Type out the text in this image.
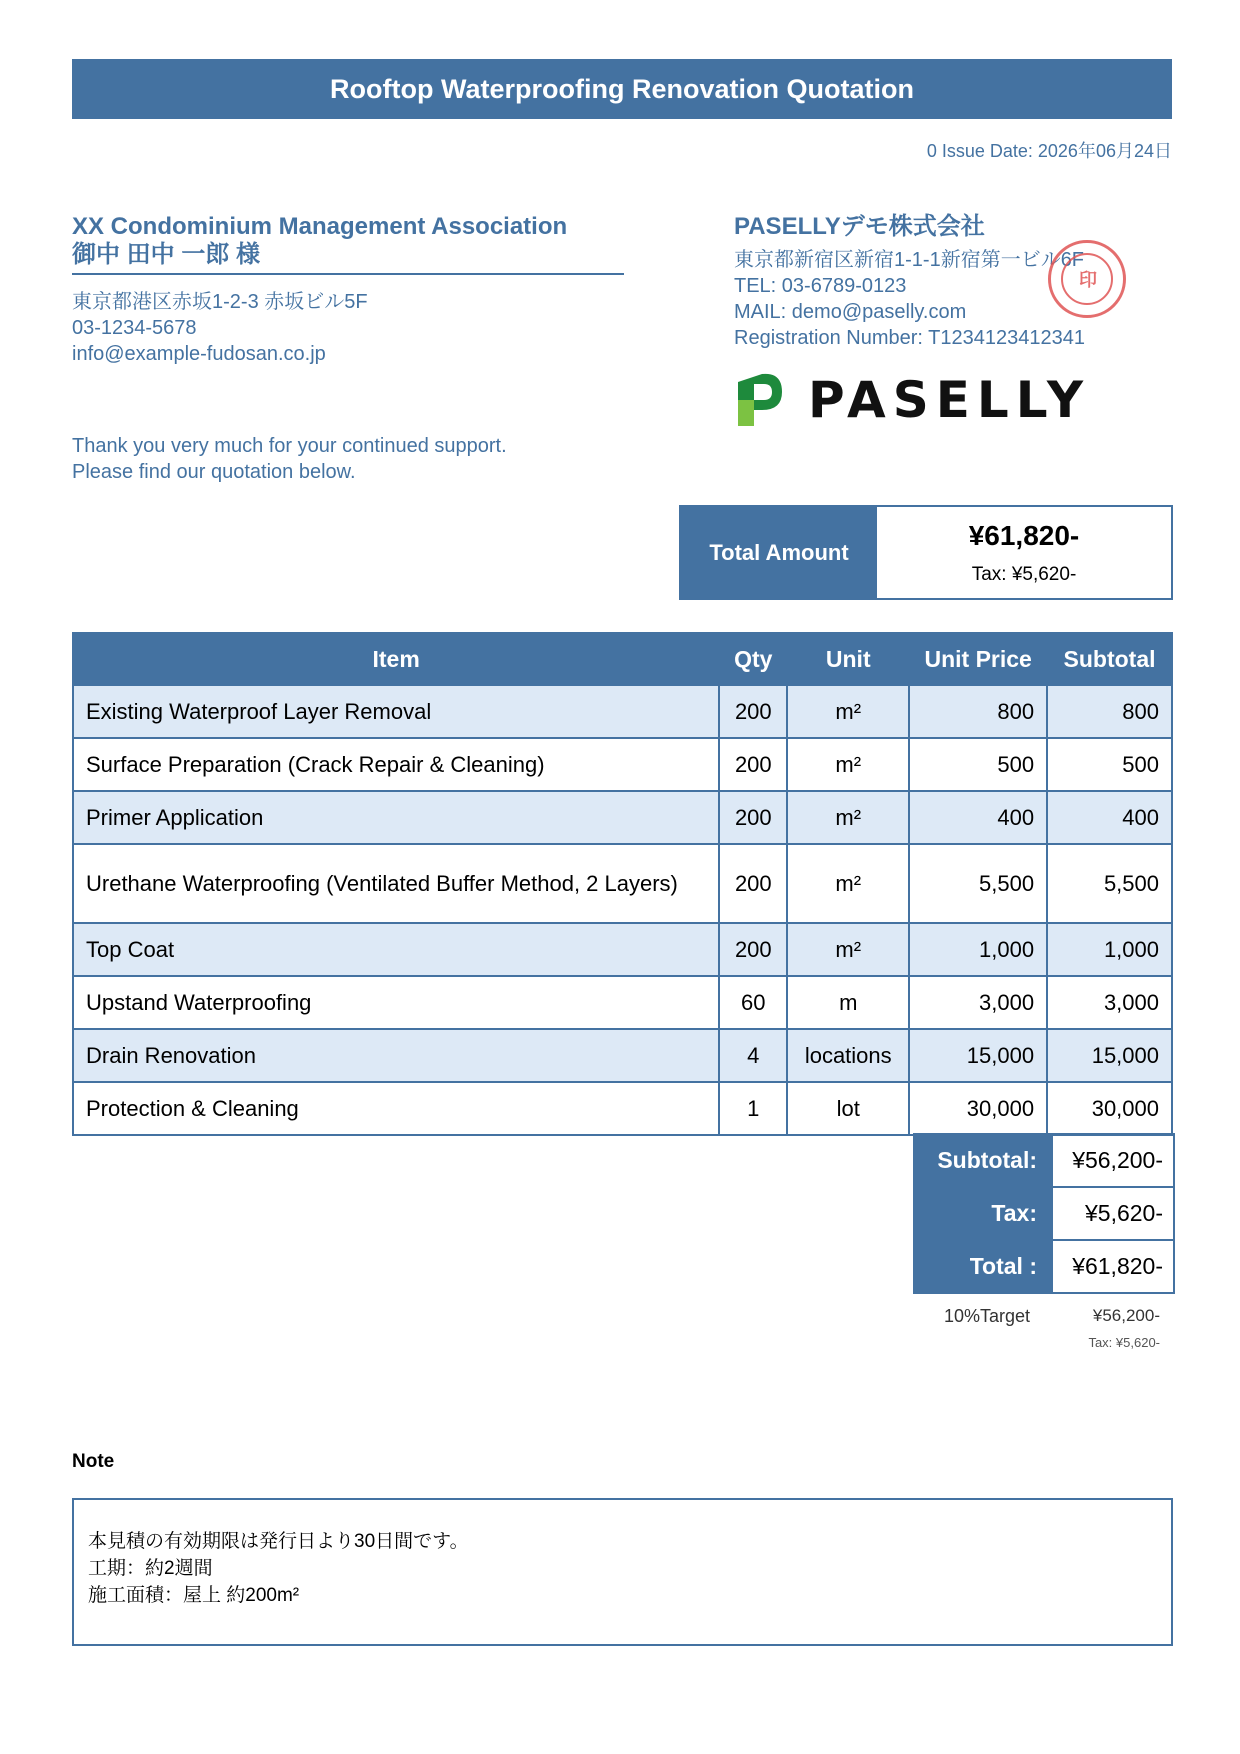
Rooftop Waterproofing Renovation Quotation
0 Issue Date: 2026年06月24日
XX Condominium Management Association
御中 田中 一郎 様
東京都港区赤坂1-2-3 赤坂ビル5F
03-1234-5678
info@example-fudosan.co.jp
Thank you very much for your continued support.
Please find our quotation below.
PASELLYデモ株式会社
東京都新宿区新宿1-1-1新宿第一ビル6F
TEL: 03-6789-0123
MAIL: demo@paselly.com
Registration Number: T1234123412341
印
PASELLY
Total Amount
¥61,820-
Tax: ¥5,620-
Item	Qty	Unit	Unit Price	Subtotal
Existing Waterproof Layer Removal	200	m²	800	800
Surface Preparation (Crack Repair & Cleaning)	200	m²	500	500
Primer Application	200	m²	400	400
Urethane Waterproofing (Ventilated Buffer Method, 2 Layers)	200	m²	5,500	5,500
Top Coat	200	m²	1,000	1,000
Upstand Waterproofing	60	m	3,000	3,000
Drain Renovation	4	locations	15,000	15,000
Protection & Cleaning	1	lot	30,000	30,000
Subtotal:	¥56,200-
Tax:	¥5,620-
Total :	¥61,820-
10%Target	¥56,200-
Tax: ¥5,620-
Note
本見積の有効期限は発行日より30日間です。
工期：約2週間
施工面積：屋上 約200m²
